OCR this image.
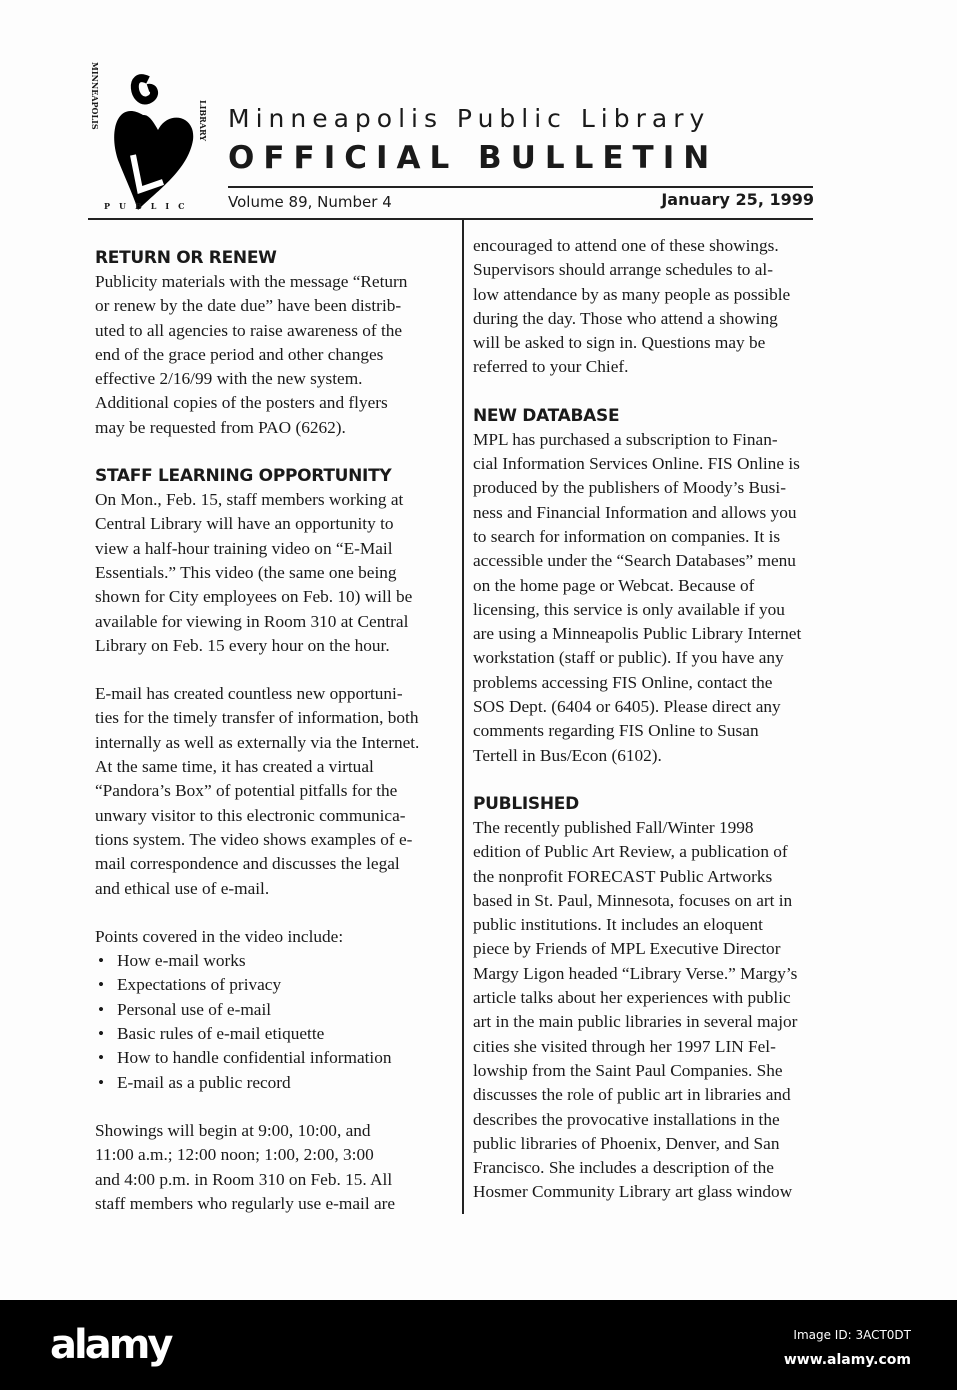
MINNEAPOLIS	LIBRARY
PUBLIC
Minneapolis Public Library
OFFICIAL BULLETIN
Volume 89, Number 4	January 25, 1999
RETURN OR RENEW

Publicity materials with the message “Return
or renew by the date due” have been distrib-
uted to all agencies to raise awareness of the
end of the grace period and other changes
effective 2/16/99 with the new system.
Additional copies of the posters and flyers
may be requested from PAO (6262).

STAFF LEARNING OPPORTUNITY

On Mon., Feb. 15, staff members working at
Central Library will have an opportunity to
view a half-hour training video on “E-Mail
Essentials.” This video (the same one being
shown for City employees on Feb. 10) will be
available for viewing in Room 310 at Central
Library on Feb. 15 every hour on the hour.

E-mail has created countless new opportuni-
ties for the timely transfer of information, both
internally as well as externally via the Internet.
At the same time, it has created a virtual
“Pandora’s Box” of potential pitfalls for the
unwary visitor to this electronic communica-
tions system. The video shows examples of e-
mail correspondence and discusses the legal
and ethical use of e-mail.

Points covered in the video include:

• How e-mail works
• Expectations of privacy
• Personal use of e-mail
• Basic rules of e-mail etiquette
• How to handle confidential information
• E-mail as a public record

Showings will begin at 9:00, 10:00, and
11:00 a.m.; 12:00 noon; 1:00, 2:00, 3:00
and 4:00 p.m. in Room 310 on Feb. 15. All
staff members who regularly use e-mail are

encouraged to attend one of these showings.
Supervisors should arrange schedules to al-
low attendance by as many people as possible
during the day. Those who attend a showing
will be asked to sign in. Questions may be
referred to your Chief.

NEW DATABASE

MPL has purchased a subscription to Finan-
cial Information Services Online. FIS Online is
produced by the publishers of Moody’s Busi-
ness and Financial Information and allows you
to search for information on companies. It is
accessible under the “Search Databases” menu
on the home page or Webcat. Because of
licensing, this service is only available if you
are using a Minneapolis Public Library Internet
workstation (staff or public). If you have any
problems accessing FIS Online, contact the
SOS Dept. (6404 or 6405). Please direct any
comments regarding FIS Online to Susan
Tertell in Bus/Econ (6102).

PUBLISHED

The recently published Fall/Winter 1998
edition of Public Art Review, a publication of
the nonprofit FORECAST Public Artworks
based in St. Paul, Minnesota, focuses on art in
public institutions. It includes an eloquent
piece by Friends of MPL Executive Director
Margy Ligon headed “Library Verse.” Margy’s
article talks about her experiences with public
art in the main public libraries in several major
cities she visited through her 1997 LIN Fel-
lowship from the Saint Paul Companies. She
discusses the role of public art in libraries and
describes the provocative installations in the
public libraries of Phoenix, Denver, and San
Francisco. She includes a description of the
Hosmer Community Library art glass window

alamy	Image ID: 3ACT0DT
www.alamy.com
